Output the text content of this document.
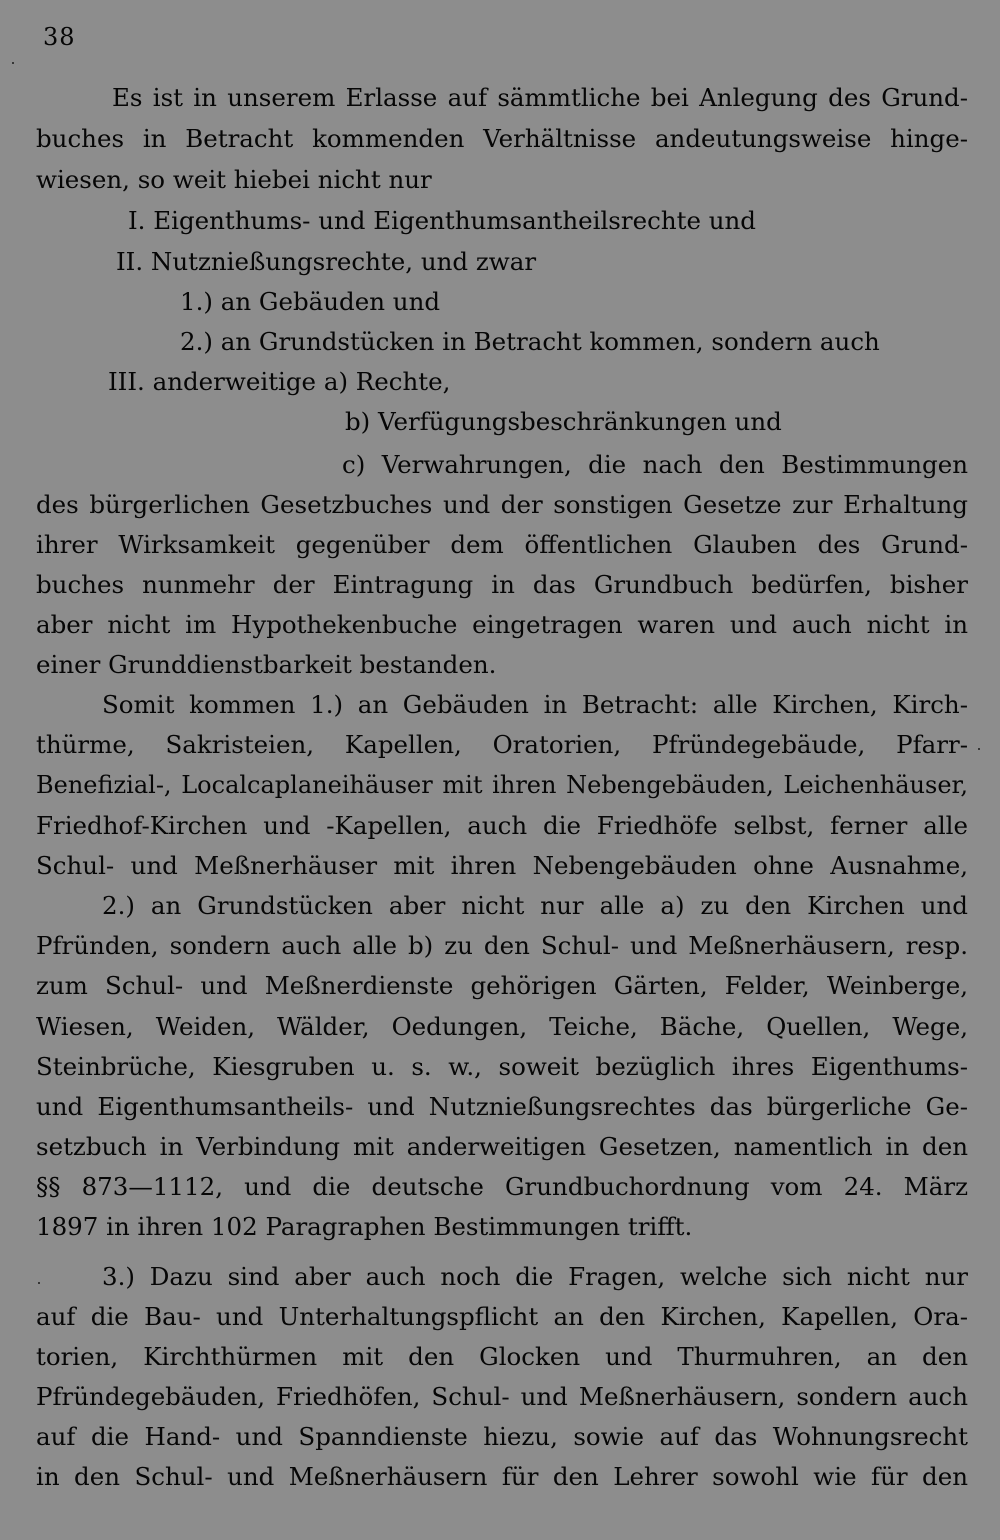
38
Es ist in unserem Erlasse auf sämmtliche bei Anlegung des Grund-
buches in Betracht kommenden Verhältnisse andeutungsweise hinge-
wiesen, so weit hiebei nicht nur
I. Eigenthums- und Eigenthumsantheilsrechte und
II. Nutznießungsrechte, und zwar
1.) an Gebäuden und
2.) an Grundstücken in Betracht kommen, sondern auch
III. anderweitige a) Rechte,
b) Verfügungsbeschränkungen und
c) Verwahrungen, die nach den Bestimmungen
des bürgerlichen Gesetzbuches und der sonstigen Gesetze zur Erhaltung
ihrer Wirksamkeit gegenüber dem öffentlichen Glauben des Grund-
buches nunmehr der Eintragung in das Grundbuch bedürfen, bisher
aber nicht im Hypothekenbuche eingetragen waren und auch nicht in
einer Grunddienstbarkeit bestanden.
Somit kommen 1.) an Gebäuden in Betracht: alle Kirchen, Kirch-
thürme, Sakristeien, Kapellen, Oratorien, Pfründegebäude, Pfarr-
Benefizial-, Localcaplaneihäuser mit ihren Nebengebäuden, Leichenhäuser,
Friedhof-Kirchen und -Kapellen, auch die Friedhöfe selbst, ferner alle
Schul- und Meßnerhäuser mit ihren Nebengebäuden ohne Ausnahme,
2.) an Grundstücken aber nicht nur alle a) zu den Kirchen und
Pfründen, sondern auch alle b) zu den Schul- und Meßnerhäusern, resp.
zum Schul- und Meßnerdienste gehörigen Gärten, Felder, Weinberge,
Wiesen, Weiden, Wälder, Oedungen, Teiche, Bäche, Quellen, Wege,
Steinbrüche, Kiesgruben u. s. w., soweit bezüglich ihres Eigenthums-
und Eigenthumsantheils- und Nutznießungsrechtes das bürgerliche Ge-
setzbuch in Verbindung mit anderweitigen Gesetzen, namentlich in den
§§ 873—1112, und die deutsche Grundbuchordnung vom 24. März
1897 in ihren 102 Paragraphen Bestimmungen trifft.
3.) Dazu sind aber auch noch die Fragen, welche sich nicht nur
auf die Bau- und Unterhaltungspflicht an den Kirchen, Kapellen, Ora-
torien, Kirchthürmen mit den Glocken und Thurmuhren, an den
Pfründegebäuden, Friedhöfen, Schul- und Meßnerhäusern, sondern auch
auf die Hand- und Spanndienste hiezu, sowie auf das Wohnungsrecht
in den Schul- und Meßnerhäusern für den Lehrer sowohl wie für den
